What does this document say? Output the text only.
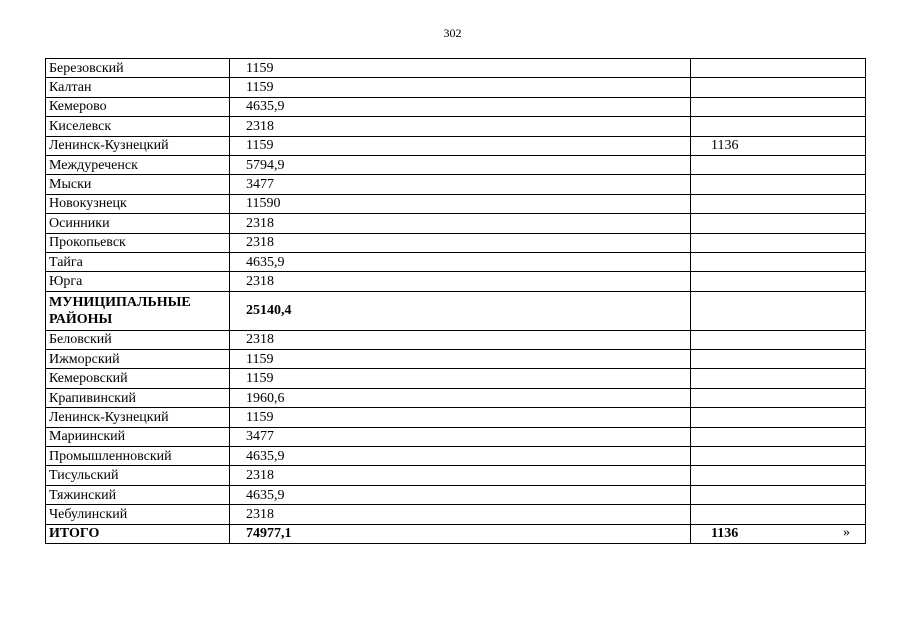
302
Березовский	1159	
Калтан	1159	
Кемерово	4635,9	
Киселевск	2318	
Ленинск-Кузнецкий	1159	1136
Междуреченск	5794,9	
Мыски	3477	
Новокузнецк	11590	
Осинники	2318	
Прокопьевск	2318	
Тайга	4635,9	
Юрга	2318	
МУНИЦИПАЛЬНЫЕ РАЙОНЫ	25140,4	
Беловский	2318	
Ижморский	1159	
Кемеровский	1159	
Крапивинский	1960,6	
Ленинск-Кузнецкий	1159	
Мариинский	3477	
Промышленновский	4635,9	
Тисульский	2318	
Тяжинский	4635,9	
Чебулинский	2318	
ИТОГО	74977,1	1136	»
